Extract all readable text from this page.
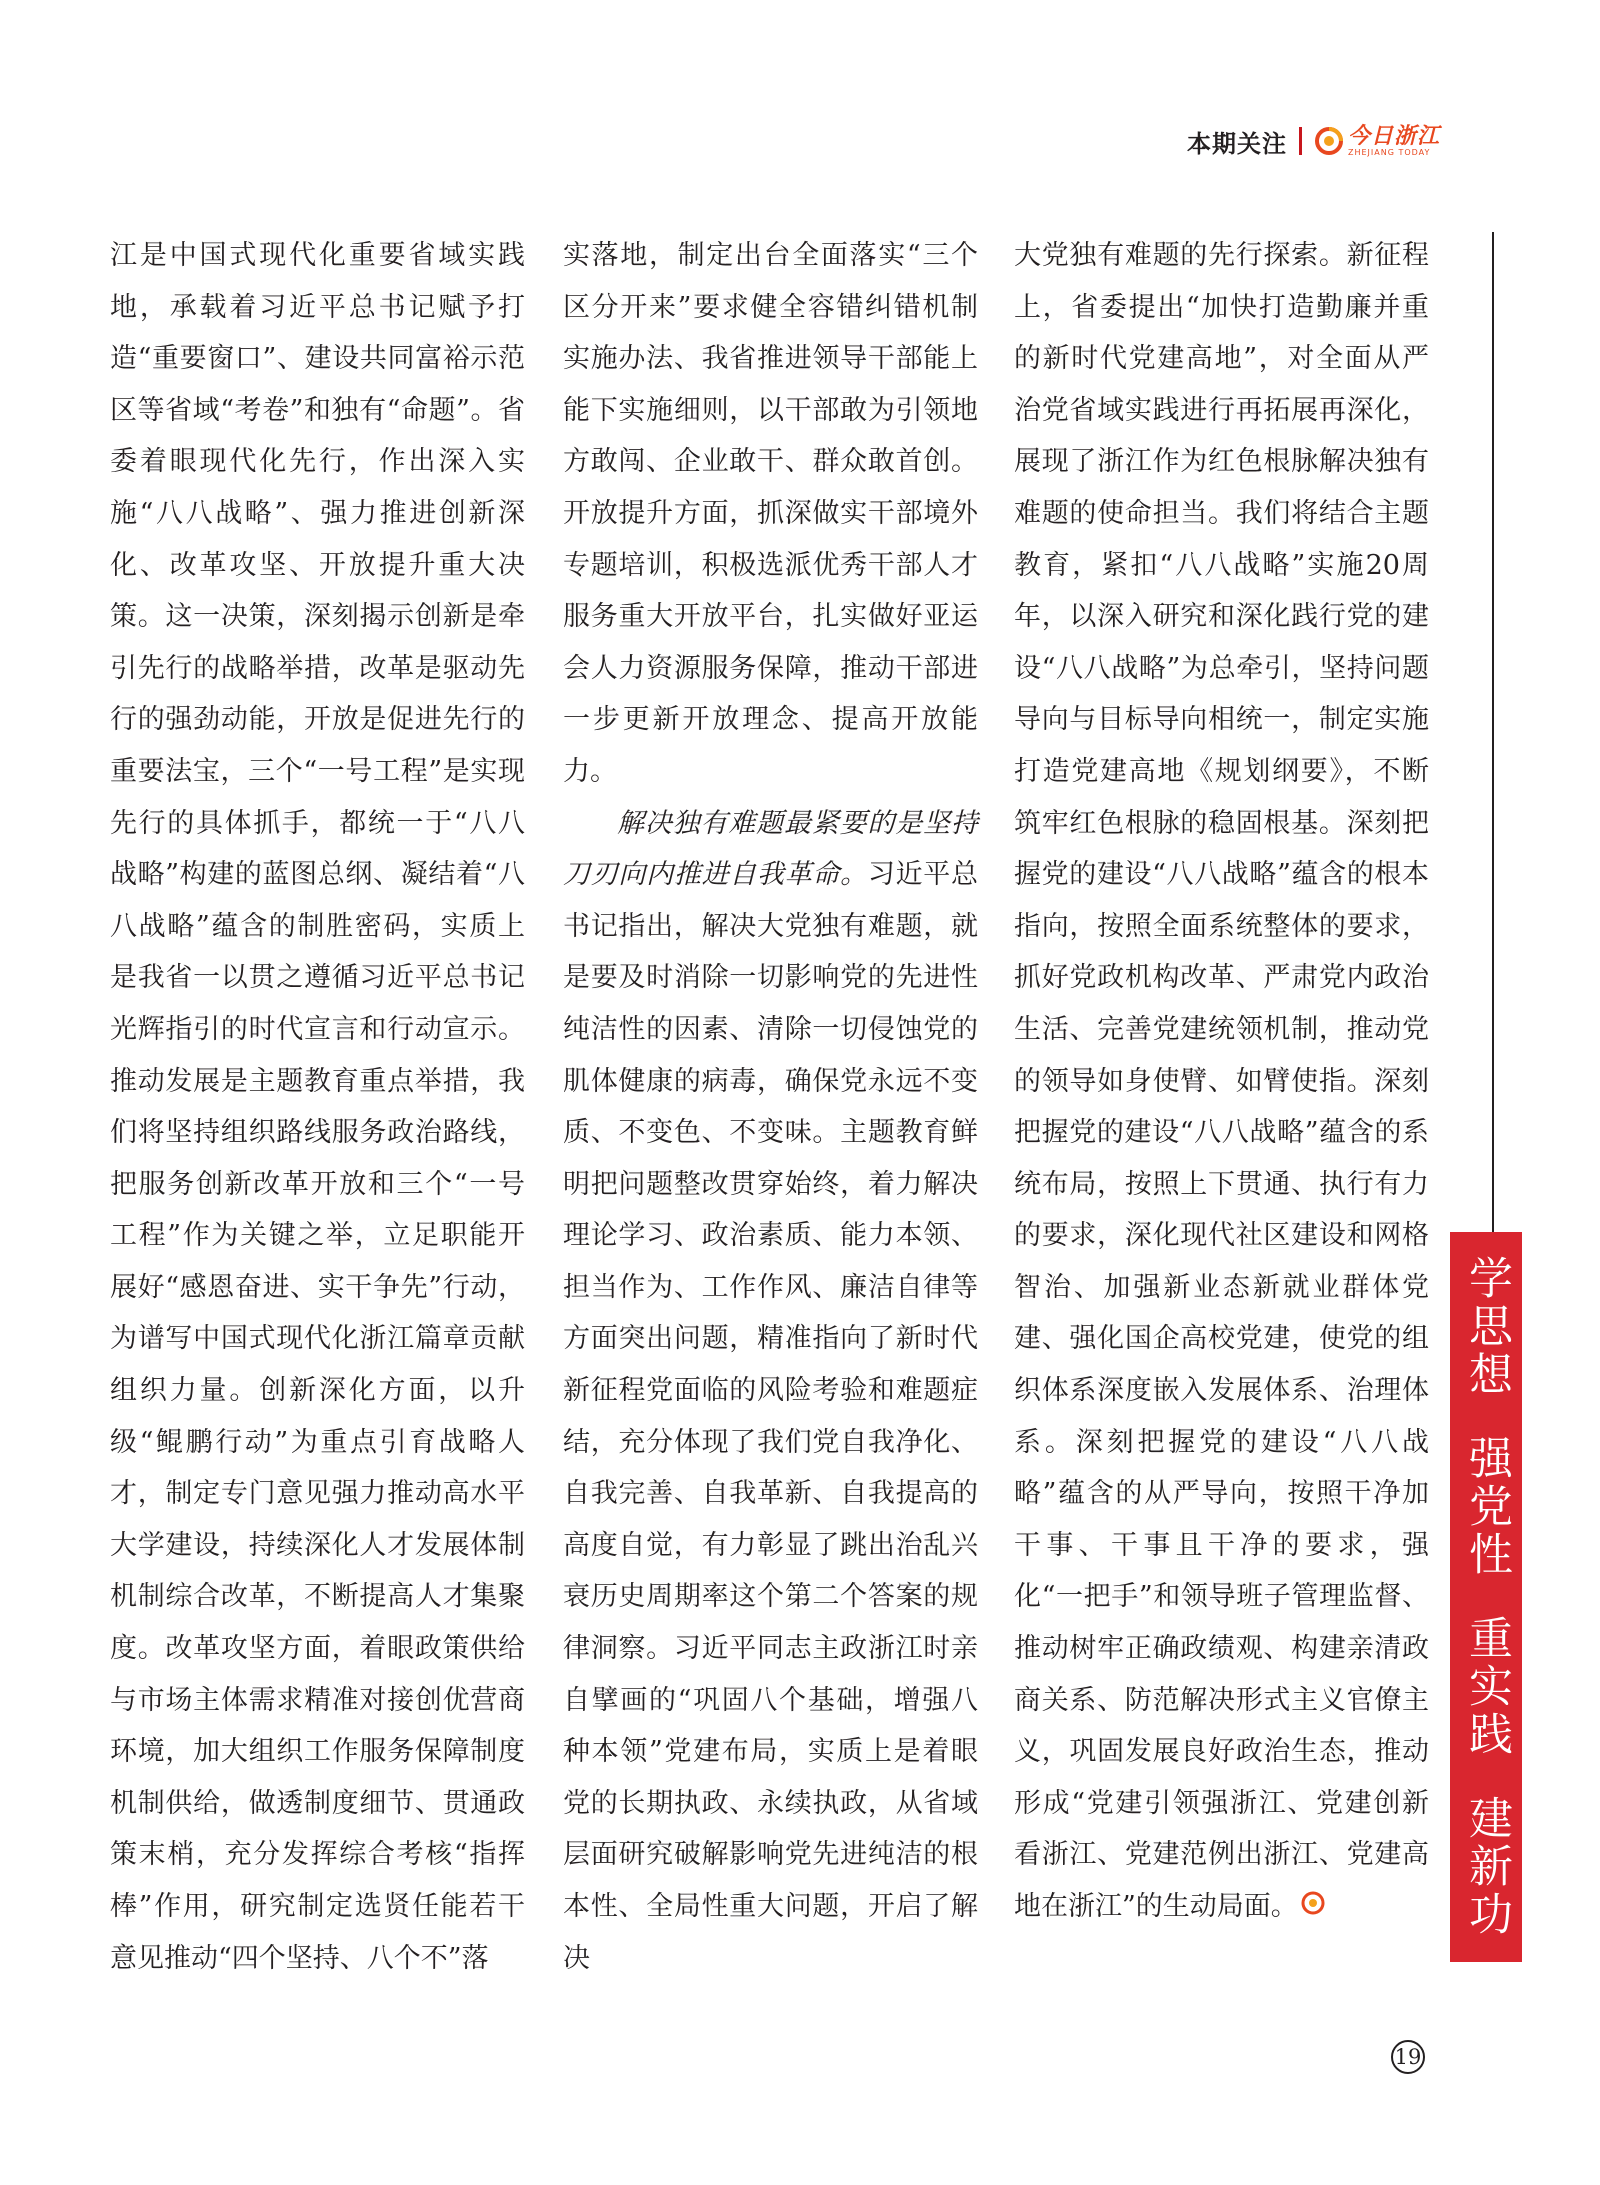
本期关注	今日浙江
ZHEJIANG TODAY

江是中国式现代化重要省域实践地，承载着习近平总书记赋予打造“重要窗口”、建设共同富裕示范区等省域“考卷”和独有“命题”。省委着眼现代化先行，作出深入实施“八八战略”、强力推进创新深化、改革攻坚、开放提升重大决策。这一决策，深刻揭示创新是牵引先行的战略举措，改革是驱动先行的强劲动能，开放是促进先行的重要法宝，三个“一号工程”是实现先行的具体抓手，都统一于“八八战略”构建的蓝图总纲、凝结着“八八战略”蕴含的制胜密码，实质上是我省一以贯之遵循习近平总书记光辉指引的时代宣言和行动宣示。推动发展是主题教育重点举措，我们将坚持组织路线服务政治路线，把服务创新改革开放和三个“一号工程”作为关键之举，立足职能开展好“感恩奋进、实干争先”行动，为谱写中国式现代化浙江篇章贡献组织力量。创新深化方面，以升级“鲲鹏行动”为重点引育战略人才，制定专门意见强力推动高水平大学建设，持续深化人才发展体制机制综合改革，不断提高人才集聚度。改革攻坚方面，着眼政策供给与市场主体需求精准对接创优营商环境，加大组织工作服务保障制度机制供给，做透制度细节、贯通政策末梢，充分发挥综合考核“指挥棒”作用，研究制定选贤任能若干意见推动“四个坚持、八个不”落

实落地，制定出台全面落实“三个区分开来”要求健全容错纠错机制实施办法、我省推进领导干部能上能下实施细则，以干部敢为引领地方敢闯、企业敢干、群众敢首创。开放提升方面，抓深做实干部境外专题培训，积极选派优秀干部人才服务重大开放平台，扎实做好亚运会人力资源服务保障，推动干部进一步更新开放理念、提高开放能力。

解决独有难题最紧要的是坚持刀刃向内推进自我革命。习近平总书记指出，解决大党独有难题，就是要及时消除一切影响党的先进性纯洁性的因素、清除一切侵蚀党的肌体健康的病毒，确保党永远不变质、不变色、不变味。主题教育鲜明把问题整改贯穿始终，着力解决理论学习、政治素质、能力本领、担当作为、工作作风、廉洁自律等方面突出问题，精准指向了新时代新征程党面临的风险考验和难题症结，充分体现了我们党自我净化、自我完善、自我革新、自我提高的高度自觉，有力彰显了跳出治乱兴衰历史周期率这个第二个答案的规律洞察。习近平同志主政浙江时亲自擘画的“巩固八个基础，增强八种本领”党建布局，实质上是着眼党的长期执政、永续执政，从省域层面研究破解影响党先进纯洁的根本性、全局性重大问题，开启了解决

大党独有难题的先行探索。新征程上，省委提出“加快打造勤廉并重的新时代党建高地”，对全面从严治党省域实践进行再拓展再深化，展现了浙江作为红色根脉解决独有难题的使命担当。我们将结合主题教育，紧扣“八八战略”实施20周年，以深入研究和深化践行党的建设“八八战略”为总牵引，坚持问题导向与目标导向相统一，制定实施打造党建高地《规划纲要》，不断筑牢红色根脉的稳固根基。深刻把握党的建设“八八战略”蕴含的根本指向，按照全面系统整体的要求，抓好党政机构改革、严肃党内政治生活、完善党建统领机制，推动党的领导如身使臂、如臂使指。深刻把握党的建设“八八战略”蕴含的系统布局，按照上下贯通、执行有力的要求，深化现代社区建设和网格智治、加强新业态新就业群体党建、强化国企高校党建，使党的组织体系深度嵌入发展体系、治理体系。深刻把握党的建设“八八战略”蕴含的从严导向，按照干净加干事、干事且干净的要求，强化“一把手”和领导班子管理监督、推动树牢正确政绩观、构建亲清政商关系、防范解决形式主义官僚主义，巩固发展良好政治生态，推动形成“党建引领强浙江、党建创新看浙江、党建范例出浙江、党建高地在浙江”的生动局面。	学思想  强党性  重实践  建新功
19
